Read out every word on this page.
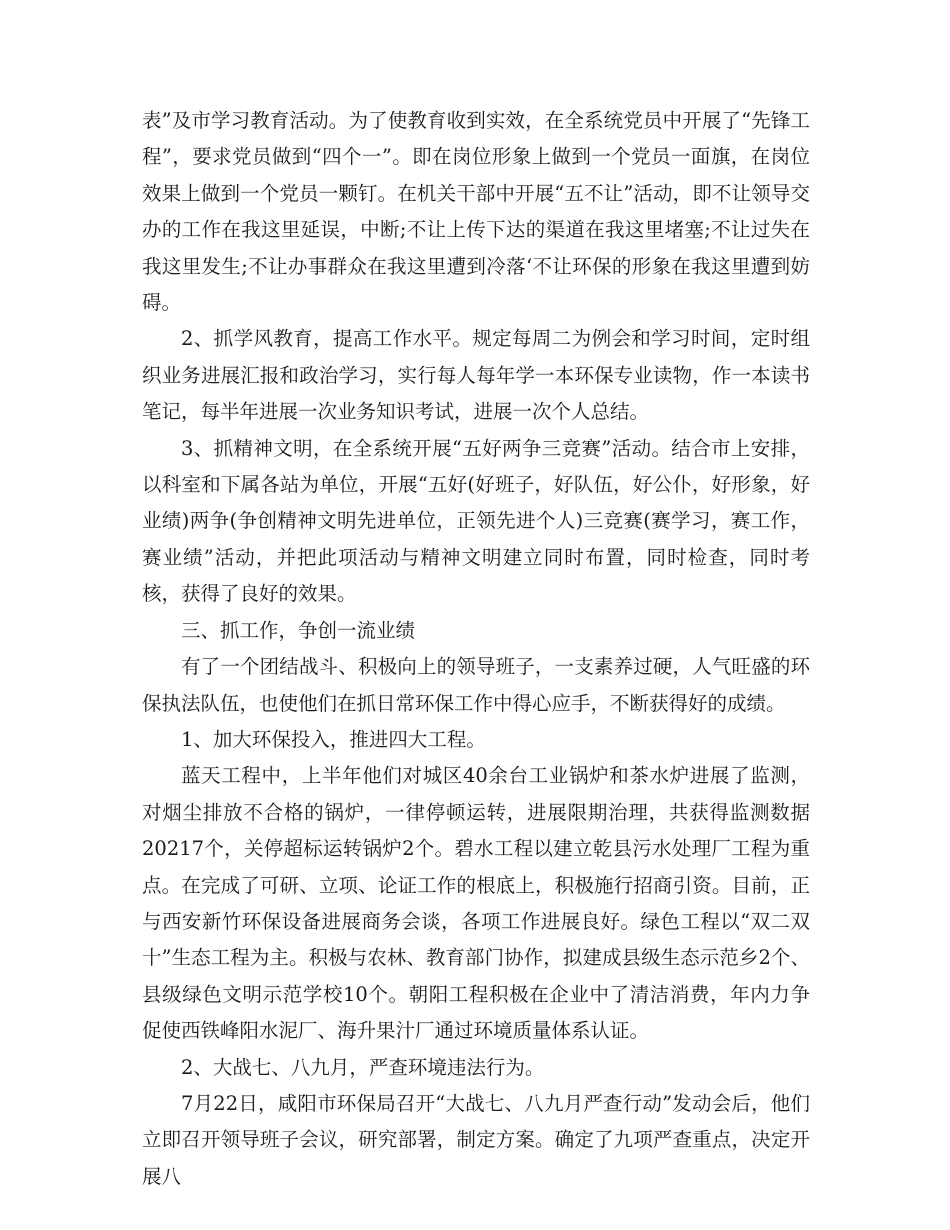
表”及市学习教育活动。为了使教育收到实效，在全系统党员中开展了“先锋工程”，要求党员做到“四个一”。即在岗位形象上做到一个党员一面旗，在岗位效果上做到一个党员一颗钉。在机关干部中开展“五不让”活动，即不让领导交办的工作在我这里延误，中断;不让上传下达的渠道在我这里堵塞;不让过失在我这里发生;不让办事群众在我这里遭到冷落‘不让环保的形象在我这里遭到妨碍。

2、抓学风教育，提高工作水平。规定每周二为例会和学习时间，定时组织业务进展汇报和政治学习，实行每人每年学一本环保专业读物，作一本读书笔记，每半年进展一次业务知识考试，进展一次个人总结。

3、抓精神文明，在全系统开展“五好两争三竞赛”活动。结合市上安排，以科室和下属各站为单位，开展“五好(好班子，好队伍，好公仆，好形象，好业绩)两争(争创精神文明先进单位，正领先进个人)三竞赛(赛学习，赛工作，赛业绩”活动，并把此项活动与精神文明建立同时布置，同时检查，同时考核，获得了良好的效果。

三、抓工作，争创一流业绩

有了一个团结战斗、积极向上的领导班子，一支素养过硬，人气旺盛的环保执法队伍，也使他们在抓日常环保工作中得心应手，不断获得好的成绩。

1、加大环保投入，推进四大工程。

蓝天工程中，上半年他们对城区40余台工业锅炉和茶水炉进展了监测，对烟尘排放不合格的锅炉，一律停顿运转，进展限期治理，共获得监测数据20217个，关停超标运转锅炉2个。碧水工程以建立乾县污水处理厂工程为重点。在完成了可研、立项、论证工作的根底上，积极施行招商引资。目前，正与西安新竹环保设备进展商务会谈，各项工作进展良好。绿色工程以“双二双十”生态工程为主。积极与农林、教育部门协作，拟建成县级生态示范乡2个、县级绿色文明示范学校10个。朝阳工程积极在企业中了清洁消费，年内力争促使西铁峰阳水泥厂、海升果汁厂通过环境质量体系认证。

2、大战七、八九月，严查环境违法行为。

7月22日，咸阳市环保局召开“大战七、八九月严查行动”发动会后，他们立即召开领导班子会议，研究部署，制定方案。确定了九项严查重点，决定开展八
